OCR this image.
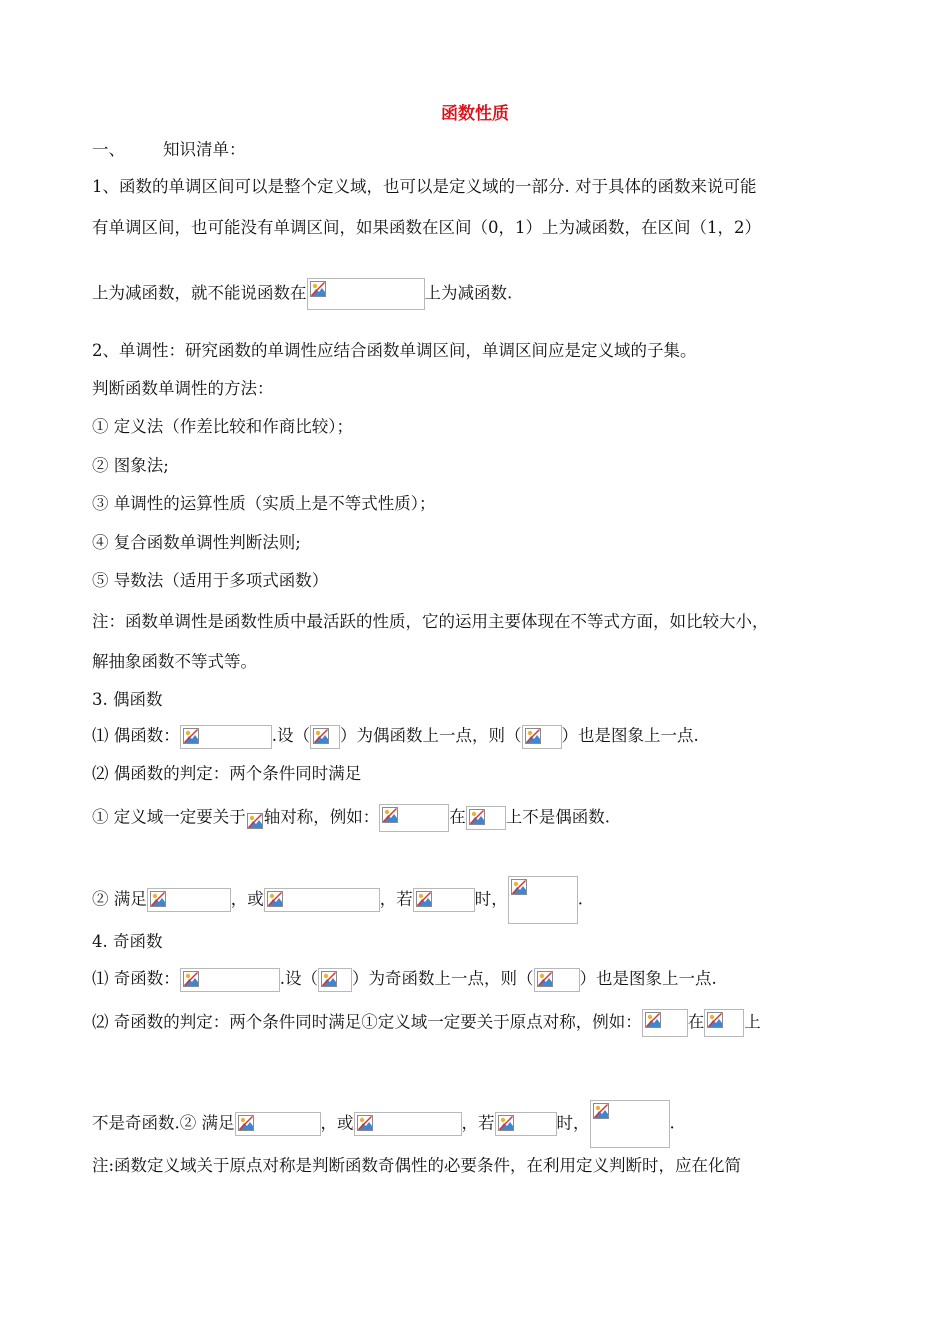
函数性质
一、 知识清单：
1、函数的单调区间可以是整个定义域，也可以是定义域的一部分. 对于具体的函数来说可能
有单调区间，也可能没有单调区间，如果函数在区间（0，1）上为减函数，在区间（1，2）
上为减函数，就不能说函数在	上为减函数.
2、单调性：研究函数的单调性应结合函数单调区间，单调区间应是定义域的子集。
判断函数单调性的方法：
① 定义法（作差比较和作商比较）；
② 图象法;
③ 单调性的运算性质（实质上是不等式性质）；
④ 复合函数单调性判断法则;
⑤ 导数法（适用于多项式函数）
注：函数单调性是函数性质中最活跃的性质，它的运用主要体现在不等式方面，如比较大小，
解抽象函数不等式等。
3. 偶函数
⑴ 偶函数：	.设（ ）为偶函数上一点，则（ ）也是图象上一点.
⑵ 偶函数的判定：两个条件同时满足
① 定义域一定要关于 轴对称，例如：	在 上不是偶函数.
② 满足	，或	，若	时，	.
4. 奇函数
⑴ 奇函数：	.设（ ）为奇函数上一点，则（	）也是图象上一点.
⑵ 奇函数的判定：两个条件同时满足①定义域一定要关于原点对称，例如：	在 上
不是奇函数.② 满足	，或	，若	时，	.
注:函数定义域关于原点对称是判断函数奇偶性的必要条件，在利用定义判断时，应在化简
